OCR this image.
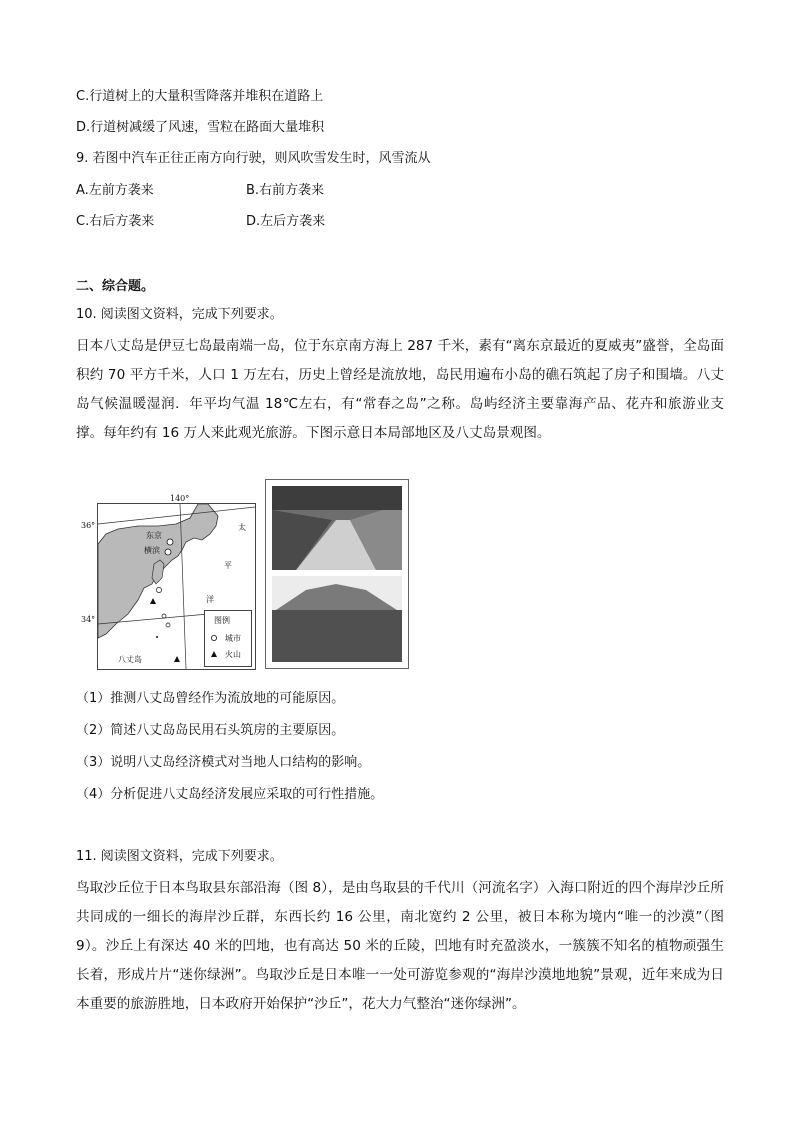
C.行道树上的大量积雪降落并堆积在道路上
D.行道树减缓了风速，雪粒在路面大量堆积
9. 若图中汽车正往正南方向行驶，则风吹雪发生时，风雪流从
A.左前方袭来	B.右前方袭来
C.右后方袭来	D.左后方袭来
二、综合题。
10. 阅读图文资料，完成下列要求。
日本八丈岛是伊豆七岛最南端一岛，位于东京南方海上 287 千米，素有“离东京最近的夏威夷”盛誉，全岛面积约 70 平方千米，人口 1 万左右，历史上曾经是流放地，岛民用遍布小岛的礁石筑起了房子和围墙。八丈岛气候温暖湿润．年平均气温 18℃左右，有“常春之岛”之称。岛屿经济主要靠海产品、花卉和旅游业支撑。每年约有 16 万人来此观光旅游。下图示意日本局部地区及八丈岛景观图。
140°
36°
34°
东京
横滨
太
平
洋
八丈岛
图例
城市
火山
（1）推测八丈岛曾经作为流放地的可能原因。
（2）简述八丈岛岛民用石头筑房的主要原因。
（3）说明八丈岛经济模式对当地人口结构的影响。
（4）分析促进八丈岛经济发展应采取的可行性措施。
11. 阅读图文资料，完成下列要求。
鸟取沙丘位于日本鸟取县东部沿海（图 8），是由鸟取县的千代川（河流名字）入海口附近的四个海岸沙丘所共同成的一细长的海岸沙丘群，东西长约 16 公里，南北宽约 2 公里，被日本称为境内“唯一的沙漠”（图 9）。沙丘上有深达 40 米的凹地，也有高达 50 米的丘陵，凹地有时充盈淡水，一簇簇不知名的植物顽强生长着，形成片片“迷你绿洲”。鸟取沙丘是日本唯一一处可游览参观的“海岸沙漠地地貌”景观，近年来成为日本重要的旅游胜地，日本政府开始保护“沙丘”，花大力气整治“迷你绿洲”。
